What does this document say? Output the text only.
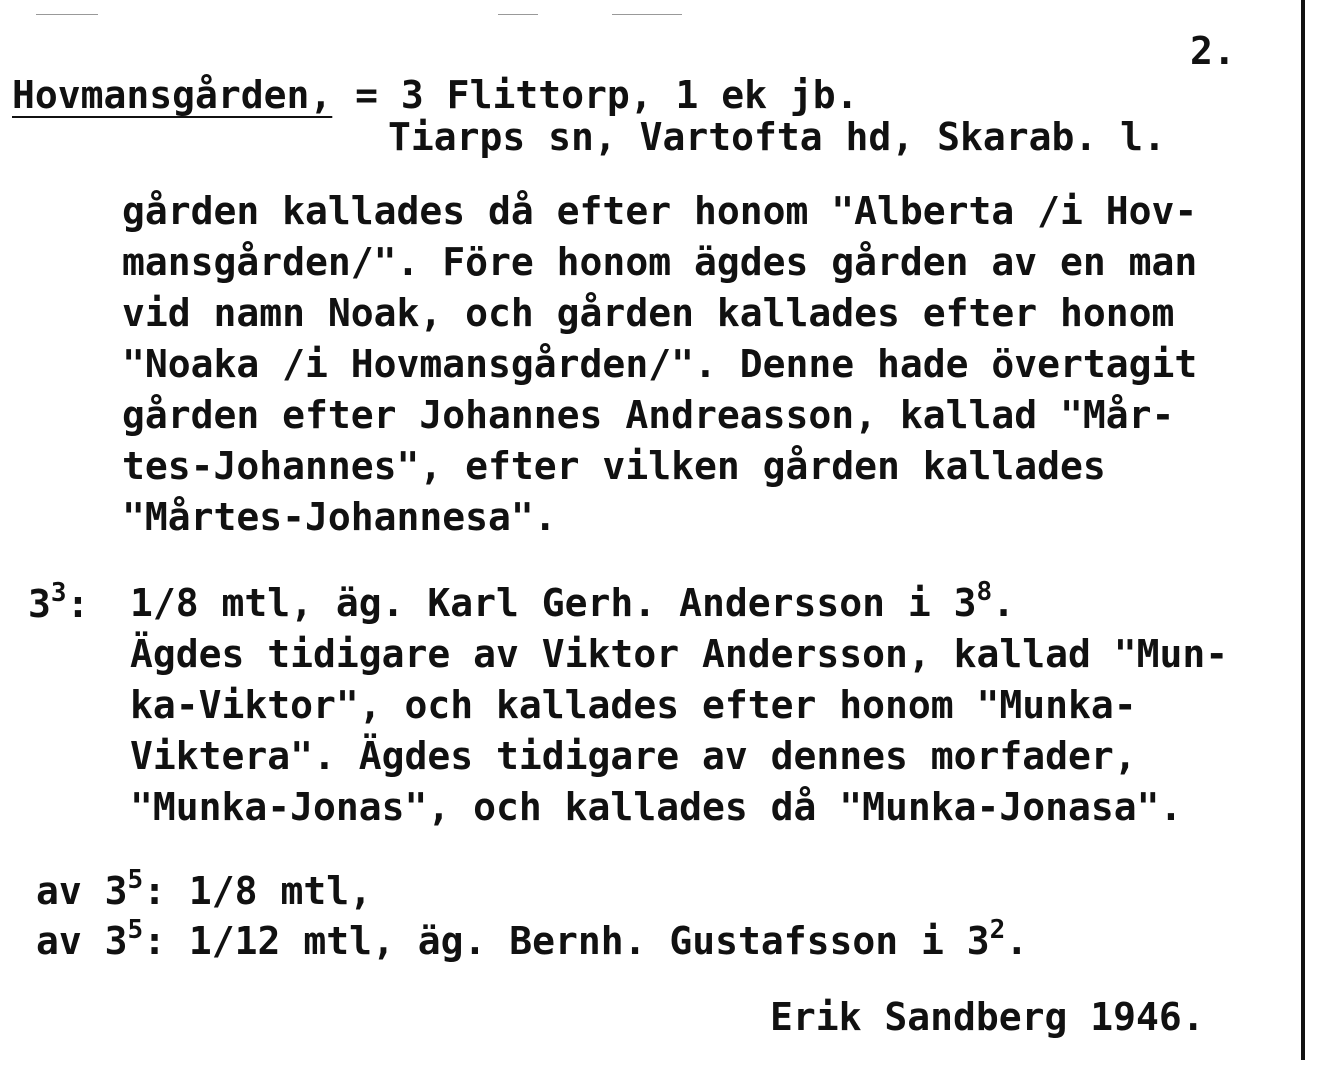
2.
Hovmansgården, = 3 Flittorp, 1 ek jb.
Tiarps sn, Vartofta hd, Skarab. l.
gården kallades då efter honom "Alberta /i Hov-
mansgården/". Före honom ägdes gården av en man
vid namn Noak, och gården kallades efter honom
"Noaka /i Hovmansgården/". Denne hade övertagit
gården efter Johannes Andreasson, kallad "Mår-
tes-Johannes", efter vilken gården kallades
"Mårtes-Johannesa".
$3^3$: 1/8 mtl, äg. Karl Gerh. Andersson i $3^8$.
Ägdes tidigare av Viktor Andersson, kallad "Mun-
ka-Viktor", och kallades efter honom "Munka-
Viktera". Ägdes tidigare av dennes morfader,
"Munka-Jonas", och kallades då "Munka-Jonasa".
av $3^5$: 1/8 mtl,
av $3^5$: 1/12 mtl, äg. Bernh. Gustafsson i $3^2$.
Erik Sandberg 1946.
